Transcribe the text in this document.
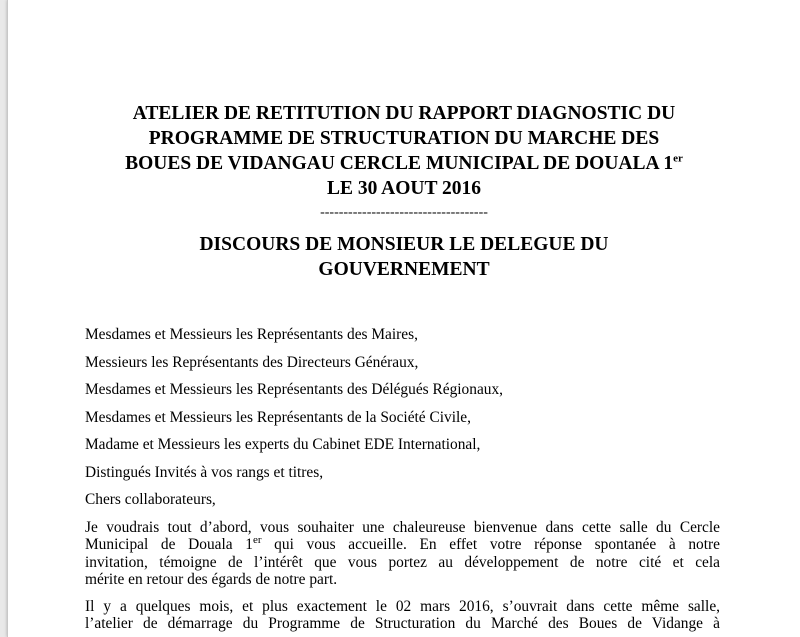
ATELIER DE RETITUTION DU RAPPORT DIAGNOSTIC DU
PROGRAMME DE STRUCTURATION DU MARCHE DES
BOUES DE VIDANGAU CERCLE MUNICIPAL DE DOUALA 1er
LE 30 AOUT 2016
------------------------------------
DISCOURS DE MONSIEUR LE DELEGUE DU
GOUVERNEMENT
Mesdames et Messieurs les Représentants des Maires,
Messieurs les Représentants des Directeurs Généraux,
Mesdames et Messieurs les Représentants des Délégués Régionaux,
Mesdames et Messieurs les Représentants de la Société Civile,
Madame et Messieurs les experts du Cabinet EDE International,
Distingués Invités à vos rangs et titres,
Chers collaborateurs,
Je voudrais tout d’abord, vous souhaiter une chaleureuse bienvenue dans cette salle du Cercle
Municipal de Douala 1er qui vous accueille. En effet votre réponse spontanée à notre
invitation, témoigne de l’intérêt que vous portez au développement de notre cité et cela
mérite en retour des égards de notre part.
Il y a quelques mois, et plus exactement le 02 mars 2016, s’ouvrait dans cette même salle,
l’atelier de démarrage du Programme de Structuration du Marché des Boues de Vidange à
